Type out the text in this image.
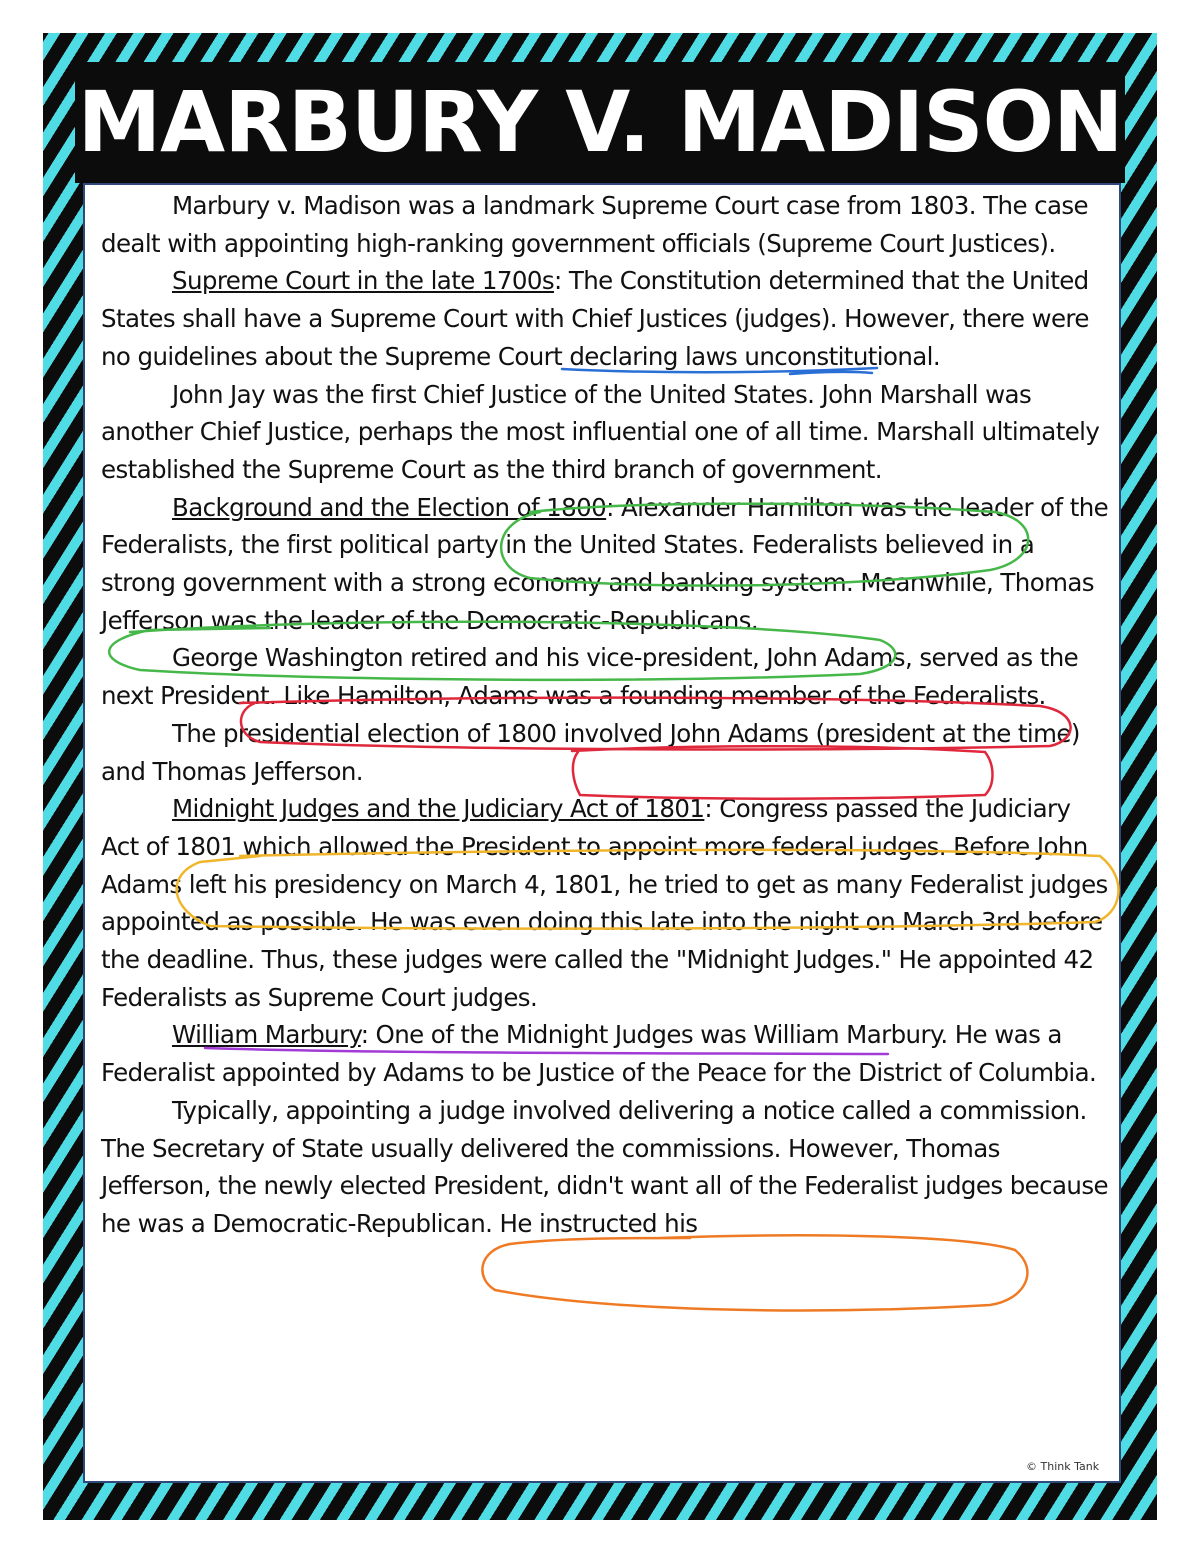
MARBURY V. MADISON

Marbury v. Madison was a landmark Supreme Court case from 1803. The case dealt with appointing high-ranking government officials (Supreme Court Justices).

Supreme Court in the late 1700s: The Constitution determined that the United States shall have a Supreme Court with Chief Justices (judges). However, there were no guidelines about the Supreme Court declaring laws unconstitutional.

John Jay was the first Chief Justice of the United States. John Marshall was another Chief Justice, perhaps the most influential one of all time. Marshall ultimately established the Supreme Court as the third branch of government.

Background and the Election of 1800: Alexander Hamilton was the leader of the Federalists, the first political party in the United States. Federalists believed in a strong government with a strong economy and banking system. Meanwhile, Thomas Jefferson was the leader of the Democratic-Republicans.

George Washington retired and his vice-president, John Adams, served as the next President. Like Hamilton, Adams was a founding member of the Federalists.

The presidential election of 1800 involved John Adams (president at the time) and Thomas Jefferson.

Midnight Judges and the Judiciary Act of 1801: Congress passed the Judiciary Act of 1801 which allowed the President to appoint more federal judges. Before John Adams left his presidency on March 4, 1801, he tried to get as many Federalist judges appointed as possible. He was even doing this late into the night on March 3rd before the deadline. Thus, these judges were called the "Midnight Judges." He appointed 42 Federalists as Supreme Court judges.

William Marbury: One of the Midnight Judges was William Marbury. He was a Federalist appointed by Adams to be Justice of the Peace for the District of Columbia.

Typically, appointing a judge involved delivering a notice called a commission. The Secretary of State usually delivered the commissions. However, Thomas Jefferson, the newly elected President, didn't want all of the Federalist judges because he was a Democratic-Republican. He instructed his

© Think Tank
